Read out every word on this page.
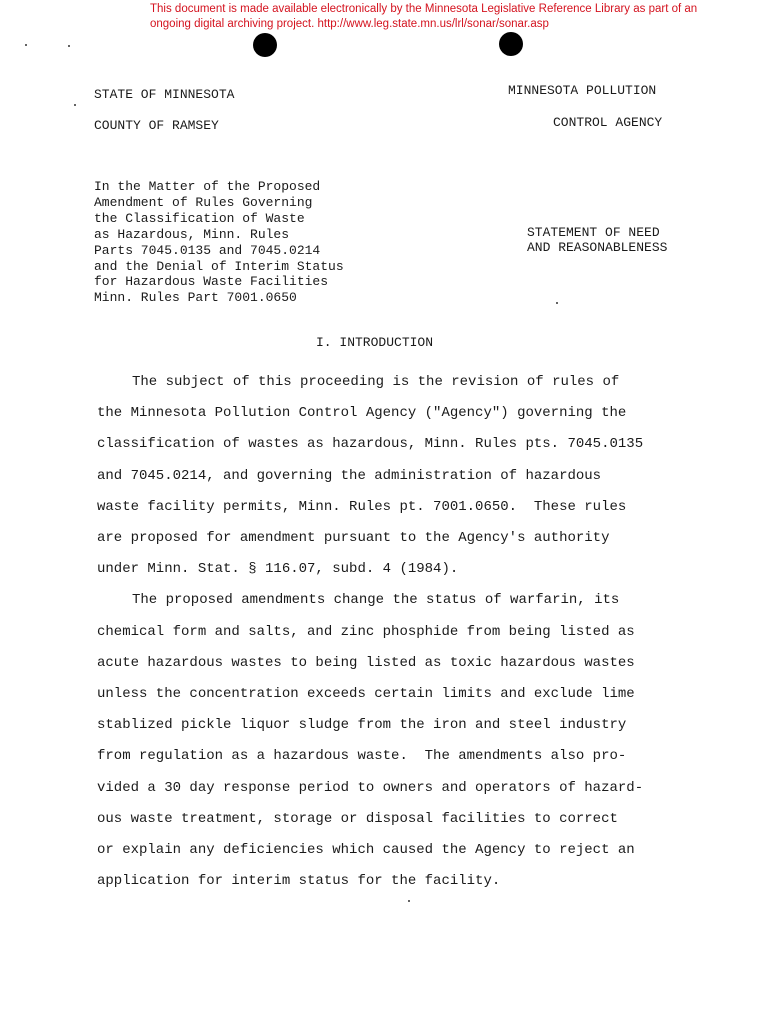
This document is made available electronically by the Minnesota Legislative Reference Library as part of an
ongoing digital archiving project. http://www.leg.state.mn.us/lrl/sonar/sonar.asp
STATE OF MINNESOTA
COUNTY OF RAMSEY
MINNESOTA POLLUTION
CONTROL AGENCY
In the Matter of the Proposed
Amendment of Rules Governing
the Classification of Waste
as Hazardous, Minn. Rules
Parts 7045.0135 and 7045.0214
and the Denial of Interim Status
for Hazardous Waste Facilities
Minn. Rules Part 7001.0650
STATEMENT OF NEED
AND REASONABLENESS
I. INTRODUCTION
The subject of this proceeding is the revision of rules of
the Minnesota Pollution Control Agency ("Agency") governing the
classification of wastes as hazardous, Minn. Rules pts. 7045.0135
and 7045.0214, and governing the administration of hazardous
waste facility permits, Minn. Rules pt. 7001.0650.  These rules
are proposed for amendment pursuant to the Agency's authority
under Minn. Stat. § 116.07, subd. 4 (1984).
The proposed amendments change the status of warfarin, its
chemical form and salts, and zinc phosphide from being listed as
acute hazardous wastes to being listed as toxic hazardous wastes
unless the concentration exceeds certain limits and exclude lime
stablized pickle liquor sludge from the iron and steel industry
from regulation as a hazardous waste.  The amendments also pro-
vided a 30 day response period to owners and operators of hazard-
ous waste treatment, storage or disposal facilities to correct
or explain any deficiencies which caused the Agency to reject an
application for interim status for the facility.
